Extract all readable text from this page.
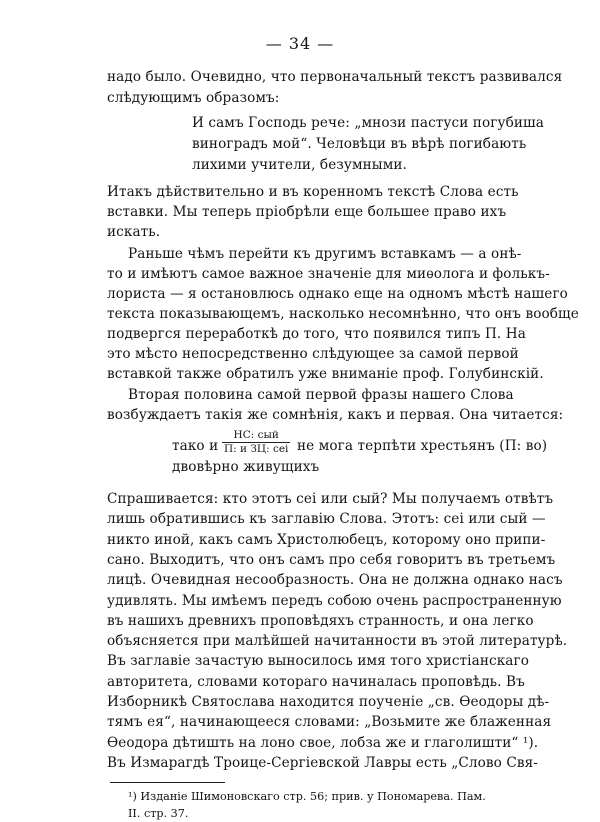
— 34 —
надо было. Очевидно, что первоначальный текстъ развивался
слѣдующимъ образомъ:
И самъ Господь рече: „мнози пастуси погубиша
виноградъ мой“. Человѣци въ вѣрѣ погибають
лихими учители, безумными.
Итакъ дѣйствительно и въ коренномъ текстѣ Слова есть
вставки. Мы теперь пріобрѣли еще большее право ихъ
искать.
Раньше чѣмъ перейти къ другимъ вставкамъ — а онѣ-
то и имѣютъ самое важное значеніе для миѳолога и фолькъ-
лориста — я остановлюсь однако еще на одномъ мѣстѣ нашего
текста показывающемъ, насколько несомнѣнно, что онъ вообще
подвергся переработкѣ до того, что появился типъ П. На
это мѣсто непосредственно слѣдующее за самой первой
вставкой также обратилъ уже вниманіе проф. Голубинскій.
Вторая половина самой первой фразы нашего Слова
возбуждаетъ такія же сомнѣнія, какъ и первая. Она читается:
тако и
НС: сый
П: и ЗЦ: сеі не мога терпѣти хрестьянъ (П: во)
двовѣрно живущихъ
Спрашивается: кто этотъ сеі или сый? Мы получаемъ отвѣтъ
лишь обратившись къ заглавію Слова. Этотъ: сеі или сый —
никто иной, какъ самъ Христолюбецъ, которому оно припи-
сано. Выходитъ, что онъ самъ про себя говоритъ въ третьемъ
лицѣ. Очевидная несообразность. Она не должна однако насъ
удивлять. Мы имѣемъ передъ собою очень распространенную
въ нашихъ древнихъ проповѣдяхъ странность, и она легко
объясняется при малѣйшей начитанности въ этой литературѣ.
Въ заглавіе зачастую выносилось имя того христіанскаго
авторитета, словами котораго начиналась проповѣдь. Въ
Изборникѣ Святослава находится поученіе „св. Ѳеодоры дѣ-
тямъ ея“, начинающееся словами: „Возьмите же блаженная
Ѳеодора дѣтишть на лоно свое, лобза же и глаголишти“ ¹).
Въ Измарагдѣ Троице-Сергіевской Лавры есть „Слово Свя-
¹) Изданіе Шимоновскаго стр. 56; прив. у Пономарева. Пам.
II. стр. 37.
